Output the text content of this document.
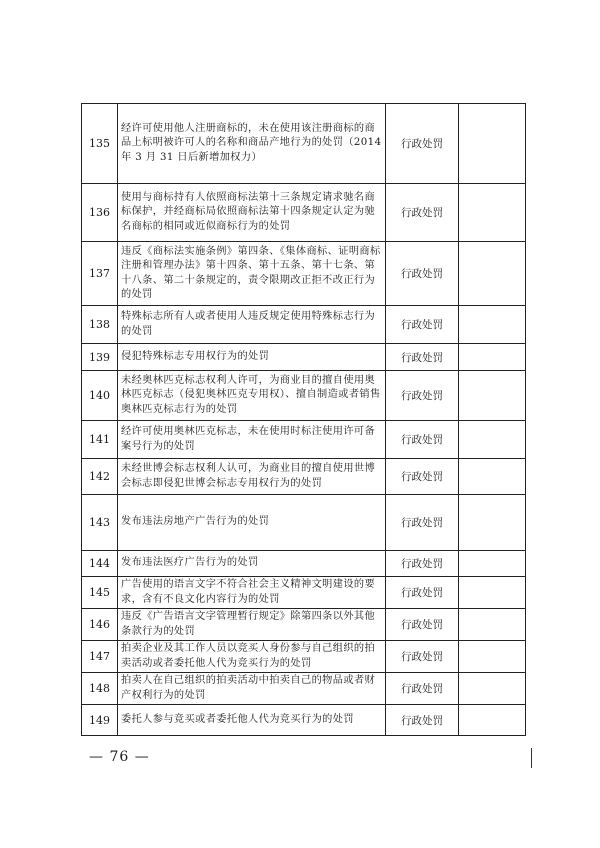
135	经许可使用他人注册商标的，未在使用该注册商标的商品上标明被许可人的名称和商品产地行为的处罚（2014 年 3 月 31 日后新增加权力）	行政处罚	
136	使用与商标持有人依照商标法第十三条规定请求驰名商标保护，并经商标局依照商标法第十四条规定认定为驰名商标的相同或近似商标行为的处罚	行政处罚	
137	违反《商标法实施条例》第四条、《集体商标、证明商标注册和管理办法》第十四条、第十五条、第十七条、第十八条、第二十条规定的，责令限期改正拒不改正行为的处罚	行政处罚	
138	特殊标志所有人或者使用人违反规定使用特殊标志行为的处罚	行政处罚	
139	侵犯特殊标志专用权行为的处罚	行政处罚	
140	未经奥林匹克标志权利人许可，为商业目的擅自使用奥林匹克标志（侵犯奥林匹克专用权）、擅自制造或者销售奥林匹克标志行为的处罚	行政处罚	
141	经许可使用奥林匹克标志，未在使用时标注使用许可备案号行为的处罚	行政处罚	
142	未经世博会标志权利人认可，为商业目的擅自使用世博会标志即侵犯世博会标志专用权行为的处罚	行政处罚	
143	发布违法房地产广告行为的处罚	行政处罚	
144	发布违法医疗广告行为的处罚	行政处罚	
145	广告使用的语言文字不符合社会主义精神文明建设的要求，含有不良文化内容行为的处罚	行政处罚	
146	违反《广告语言文字管理暂行规定》除第四条以外其他条款行为的处罚	行政处罚	
147	拍卖企业及其工作人员以竞买人身份参与自己组织的拍卖活动或者委托他人代为竞买行为的处罚	行政处罚	
148	拍卖人在自己组织的拍卖活动中拍卖自己的物品或者财产权利行为的处罚	行政处罚	
149	委托人参与竞买或者委托他人代为竞买行为的处罚	行政处罚	
— 76 —
